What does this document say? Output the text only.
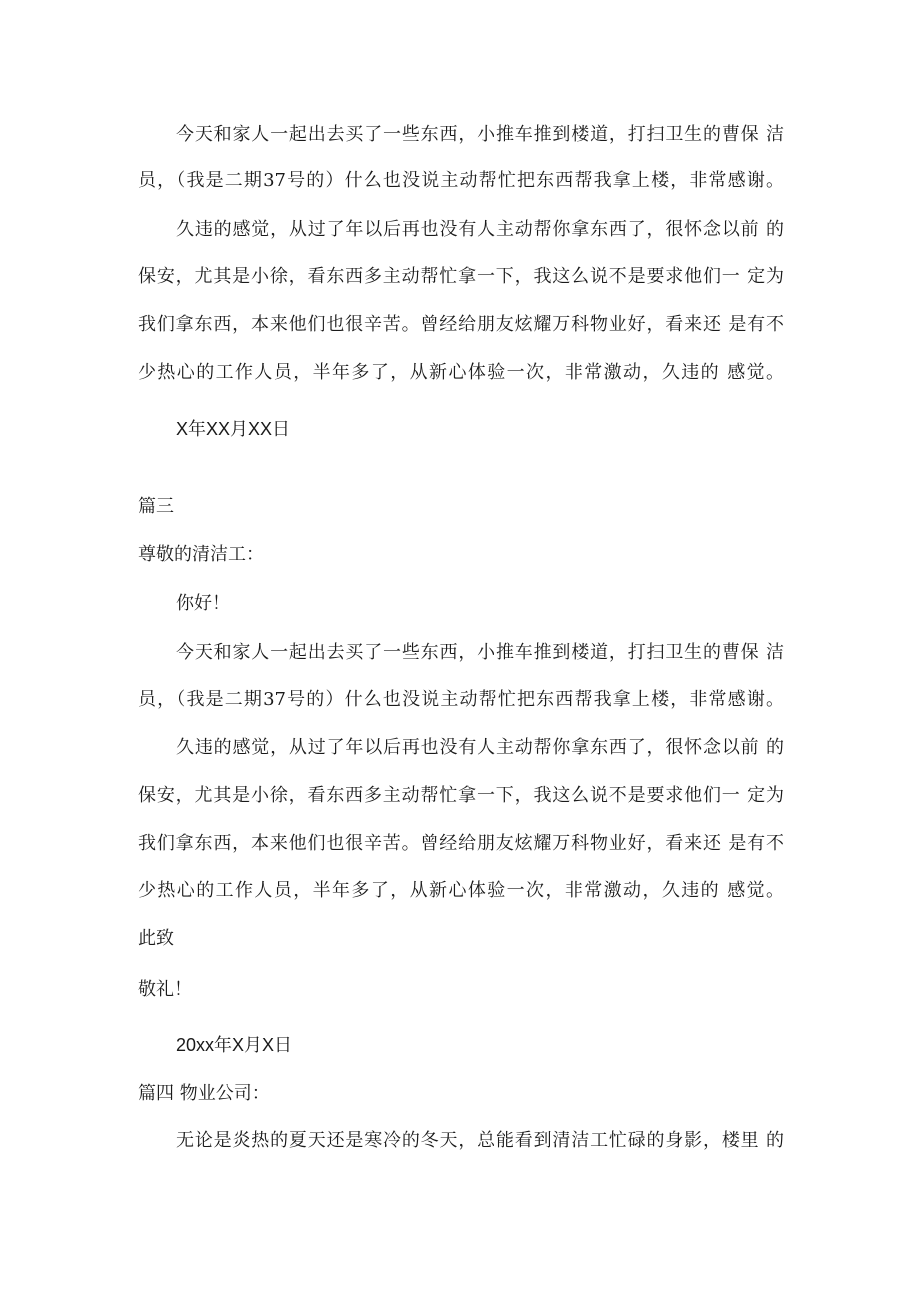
今天和家人一起出去买了一些东西，小推车推到楼道，打扫卫生的曹保 洁
员，（我是二期37号的）什么也没说主动帮忙把东西帮我拿上楼，非常感谢。
久违的感觉，从过了年以后再也没有人主动帮你拿东西了，很怀念以前 的
保安，尤其是小徐，看东西多主动帮忙拿一下，我这么说不是要求他们一 定为
我们拿东西，本来他们也很辛苦。曾经给朋友炫耀万科物业好，看来还 是有不
少热心的工作人员，半年多了，从新心体验一次，非常激动，久违的 感觉。
X年XX月XX日
篇三
尊敬的清洁工：
你好！
今天和家人一起出去买了一些东西，小推车推到楼道，打扫卫生的曹保 洁
员，（我是二期37号的）什么也没说主动帮忙把东西帮我拿上楼，非常感谢。
久违的感觉，从过了年以后再也没有人主动帮你拿东西了，很怀念以前 的
保安，尤其是小徐，看东西多主动帮忙拿一下，我这么说不是要求他们一 定为
我们拿东西，本来他们也很辛苦。曾经给朋友炫耀万科物业好，看来还 是有不
少热心的工作人员，半年多了，从新心体验一次，非常激动，久违的 感觉。
此致
敬礼！
20xx年X月X日
篇四 物业公司：
无论是炎热的夏天还是寒冷的冬天，总能看到清洁工忙碌的身影，楼里 的
